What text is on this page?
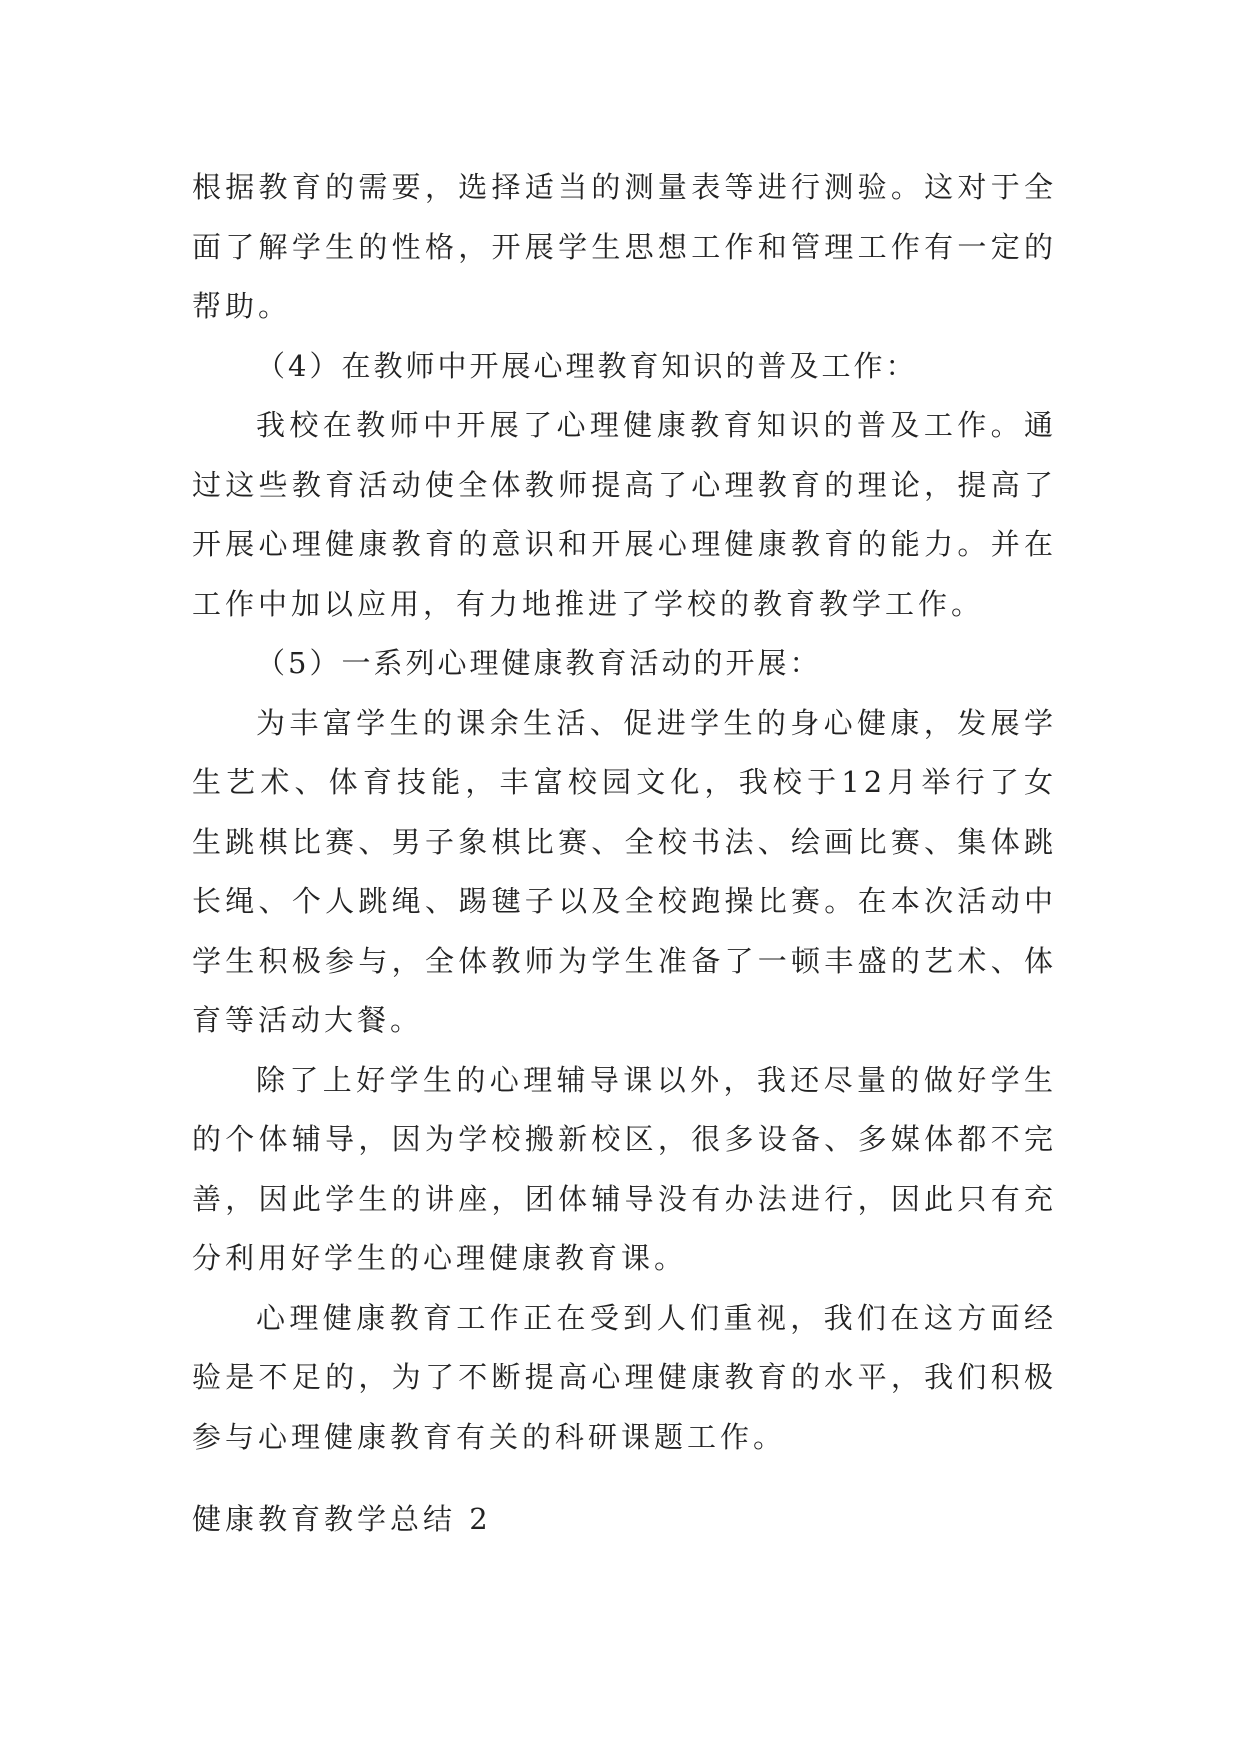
根据教育的需要，选择适当的测量表等进行测验。这对于全面了解学生的性格，开展学生思想工作和管理工作有一定的帮助。

（4）在教师中开展心理教育知识的普及工作：

我校在教师中开展了心理健康教育知识的普及工作。通过这些教育活动使全体教师提高了心理教育的理论，提高了开展心理健康教育的意识和开展心理健康教育的能力。并在工作中加以应用，有力地推进了学校的教育教学工作。

（5）一系列心理健康教育活动的开展：

为丰富学生的课余生活、促进学生的身心健康，发展学生艺术、体育技能，丰富校园文化，我校于12月举行了女生跳棋比赛、男子象棋比赛、全校书法、绘画比赛、集体跳长绳、个人跳绳、踢毽子以及全校跑操比赛。在本次活动中学生积极参与，全体教师为学生准备了一顿丰盛的艺术、体育等活动大餐。

除了上好学生的心理辅导课以外，我还尽量的做好学生的个体辅导，因为学校搬新校区，很多设备、多媒体都不完善，因此学生的讲座，团体辅导没有办法进行，因此只有充分利用好学生的心理健康教育课。

心理健康教育工作正在受到人们重视，我们在这方面经验是不足的，为了不断提高心理健康教育的水平，我们积极参与心理健康教育有关的科研课题工作。

健康教育教学总结 2
